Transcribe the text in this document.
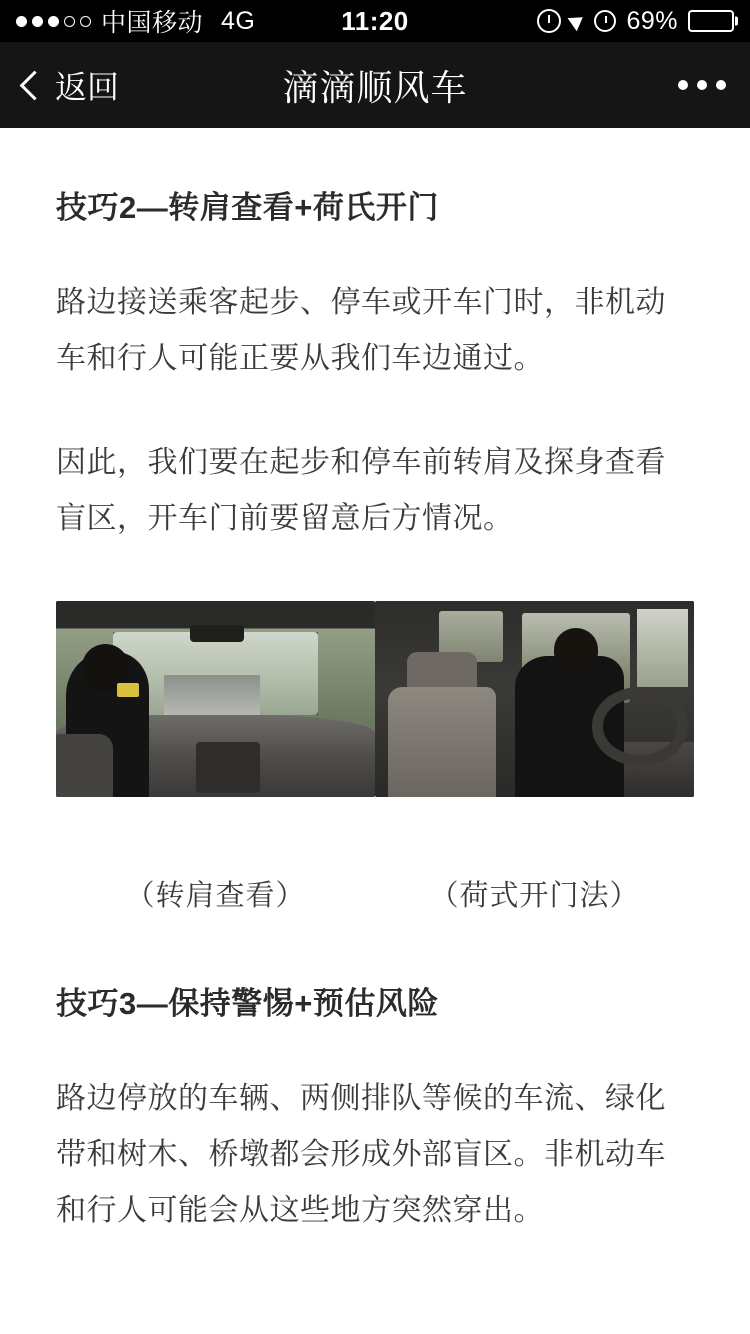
中国移动 4G	11:20	69%
返回	滴滴顺风车
技巧2—转肩查看+荷氏开门

路边接送乘客起步、停车或开车门时，非机动车和行人可能正要从我们车边通过。

因此，我们要在起步和停车前转肩及探身查看盲区，开车门前要留意后方情况。

（转肩查看）	（荷式开门法）
技巧3—保持警惕+预估风险

路边停放的车辆、两侧排队等候的车流、绿化带和树木、桥墩都会形成外部盲区。非机动车和行人可能会从这些地方突然穿出。
